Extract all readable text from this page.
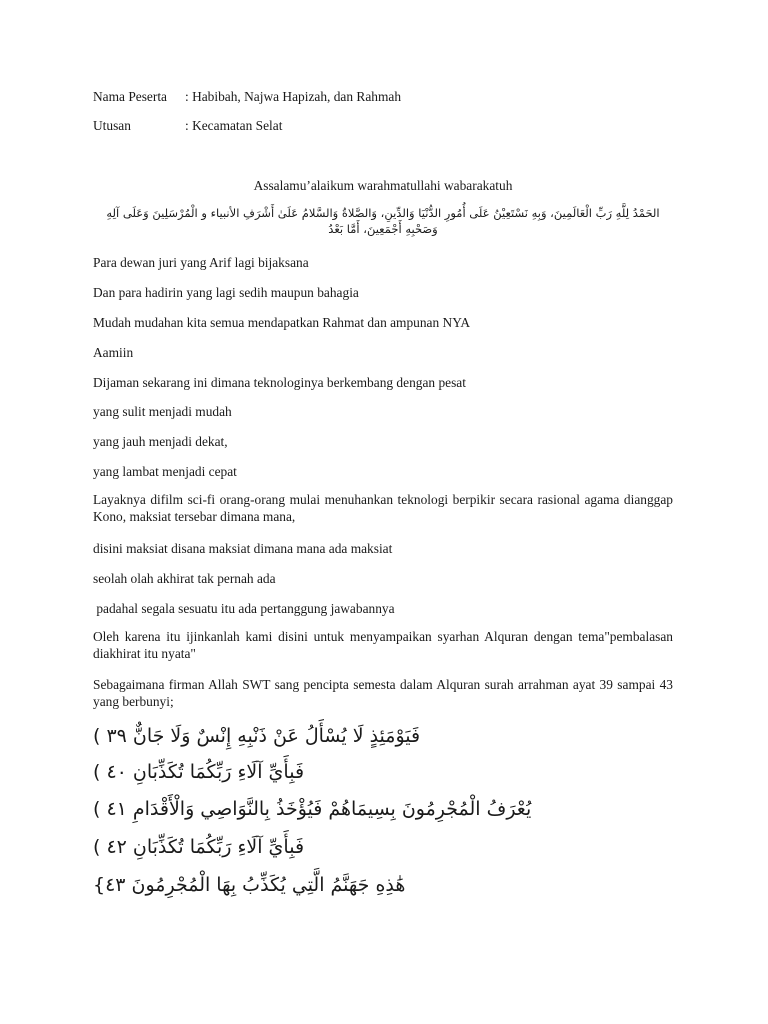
Nama Peserta : Habibah, Najwa Hapizah, dan Rahmah
Utusan	: Kecamatan Selat
Assalamu’alaikum warahmatullahi wabarakatuh
الحَمْدُ لِلَّهِ رَبِّ الْعَالَمِينَ، وَبِهِ نَسْتَعِيْنُ عَلَى أُمُورِ الدُّنْيَا وَالدِّينِ، وَالصَّلاةُ وَالسَّلامُ عَلَىٰ أَشْرَفِ الأنبياء و الْمُرْسَلِينَ وَعَلَى آلِهِ وَصَحْبِهِ أَجْمَعِينَ، أَمَّا بَعْدُ
Para dewan juri yang Arif lagi bijaksana
Dan para hadirin yang lagi sedih maupun bahagia
Mudah mudahan kita semua mendapatkan Rahmat dan ampunan NYA
Aamiin
Dijaman sekarang ini dimana teknologinya berkembang dengan pesat
yang sulit menjadi mudah
yang jauh menjadi dekat,
yang lambat menjadi cepat
Layaknya difilm sci-fi orang-orang mulai menuhankan teknologi berpikir secara rasional agama dianggap Kono, maksiat tersebar dimana mana,
disini maksiat disana maksiat dimana mana ada maksiat
seolah olah akhirat tak pernah ada
padahal segala sesuatu itu ada pertanggung jawabannya
Oleh karena itu ijinkanlah kami disini untuk menyampaikan syarhan Alquran dengan tema"pembalasan diakhirat itu nyata"
Sebagaimana firman Allah SWT sang pencipta semesta dalam Alquran surah arrahman ayat 39 sampai 43 yang berbunyi;
( ٣٩ فَيَوْمَئِذٍ لَا يُسْأَلُ عَنْ ذَنْبِهِ إِنْسٌ وَلَا جَانٌّ
( ٤٠ فَبِأَيِّ آلَاءِ رَبِّكُمَا تُكَذِّبَانِ
( ٤١ يُعْرَفُ الْمُجْرِمُونَ بِسِيمَاهُمْ فَيُؤْخَذُ بِالنَّوَاصِي وَالْأَقْدَامِ
( ٤٢ فَبِأَيِّ آلَاءِ رَبِّكُمَا تُكَذِّبَانِ
{٤٣ هَٰذِهِ جَهَنَّمُ الَّتِي يُكَذِّبُ بِهَا الْمُجْرِمُونَ
